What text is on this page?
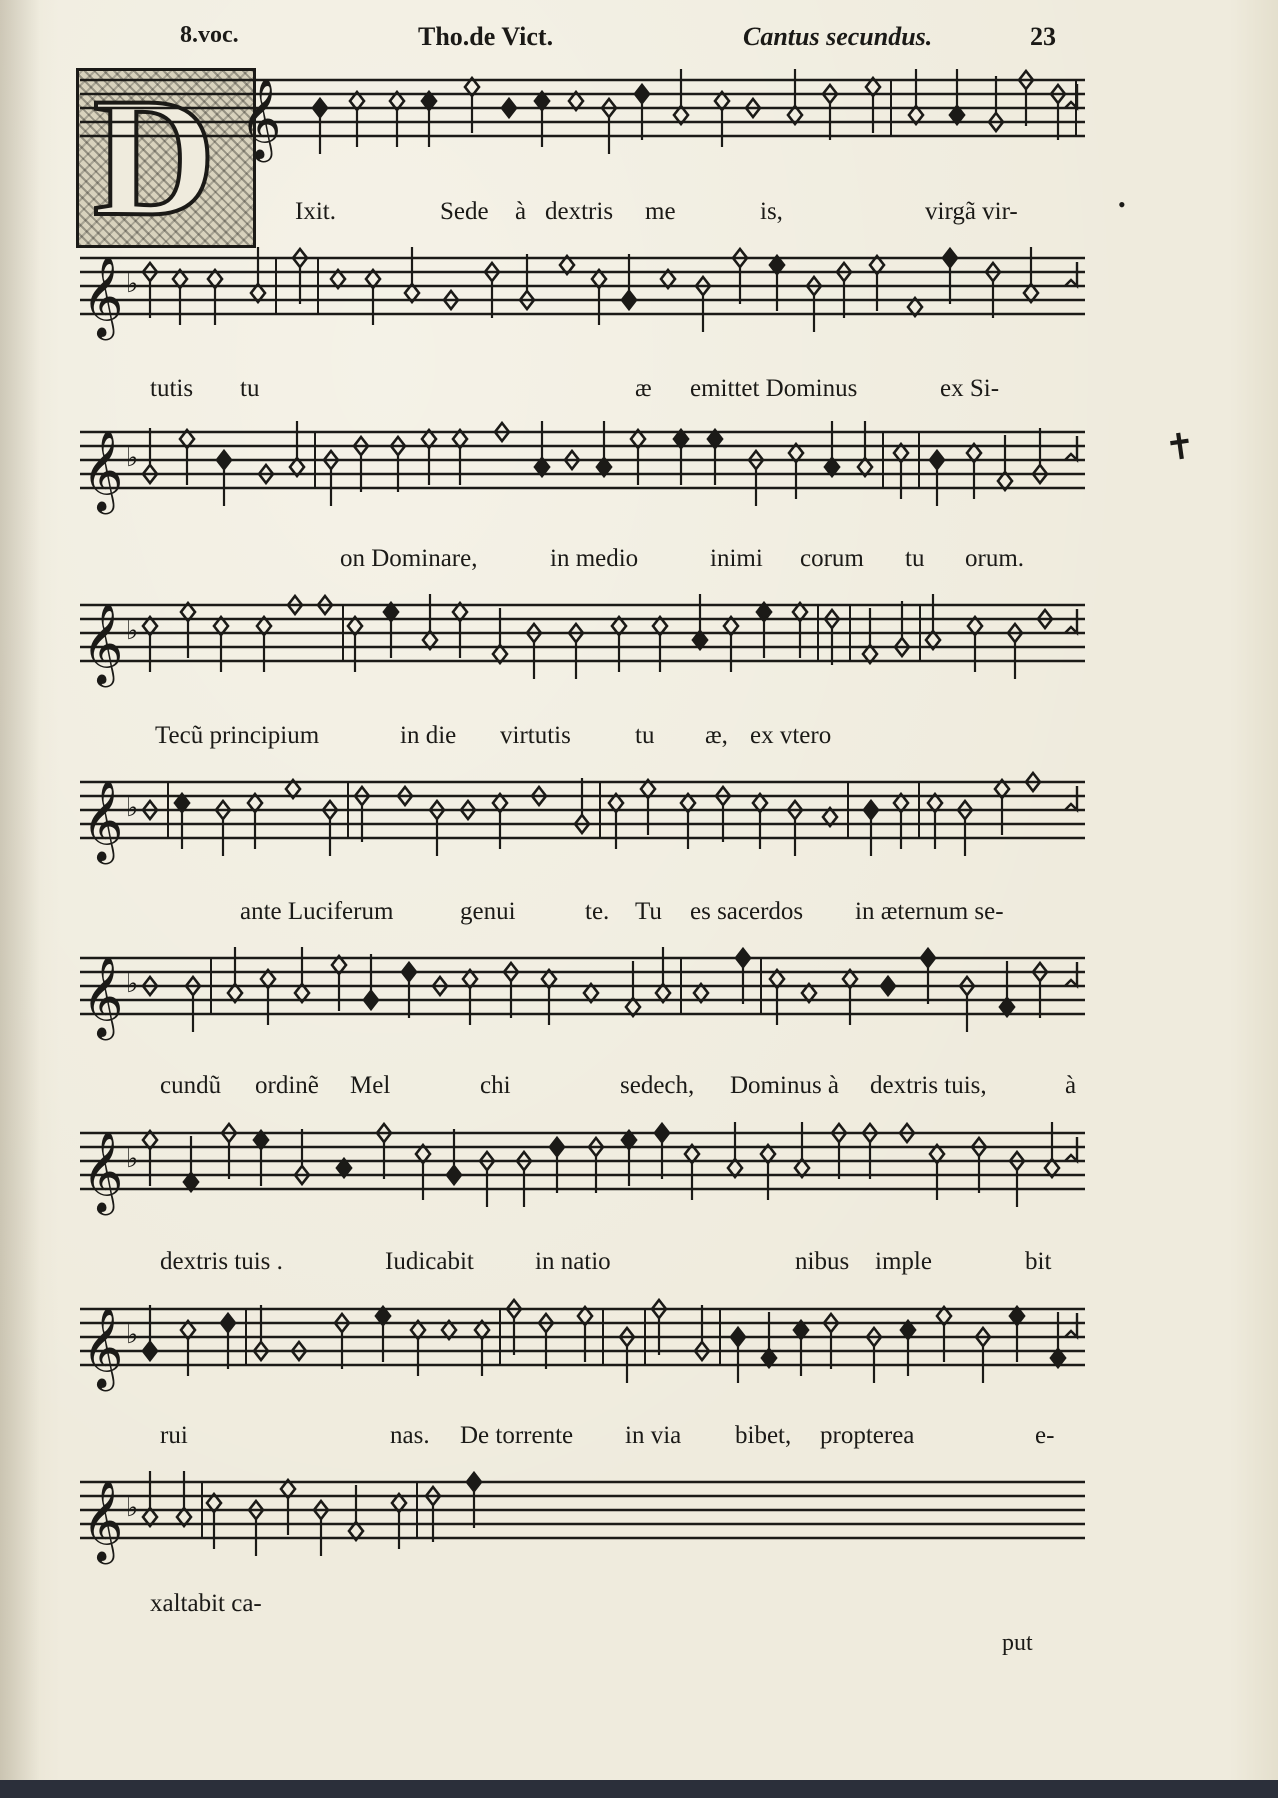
8.voc.	Tho.de Vict.	Cantus secundus.	23
D	•
✝
𝄞
Ixit.	Sede à dextris me	is,	virgã vir-
𝄞 ♭
tutis tu	æ emittet Dominus	ex Si-
𝄞 ♭
on Dominare,	in medio	inimi corum tu orum.
𝄞 ♭
Tecũ principium	in die virtutis	tu æ, ex vtero
𝄞 ♭
ante Luciferum	genui	te. Tu es sacerdos in æternum se-
𝄞 ♭
cundũ ordinẽ Mel	chi	sedech, Dominus à dextris tuis,	à
𝄞 ♭
dextris tuis .	Iudicabit in natio	nibus imple	bit
𝄞 ♭
rui	nas. De torrente in via bibet, propterea	e-
𝄞 ♭
xaltabit ca-
put
